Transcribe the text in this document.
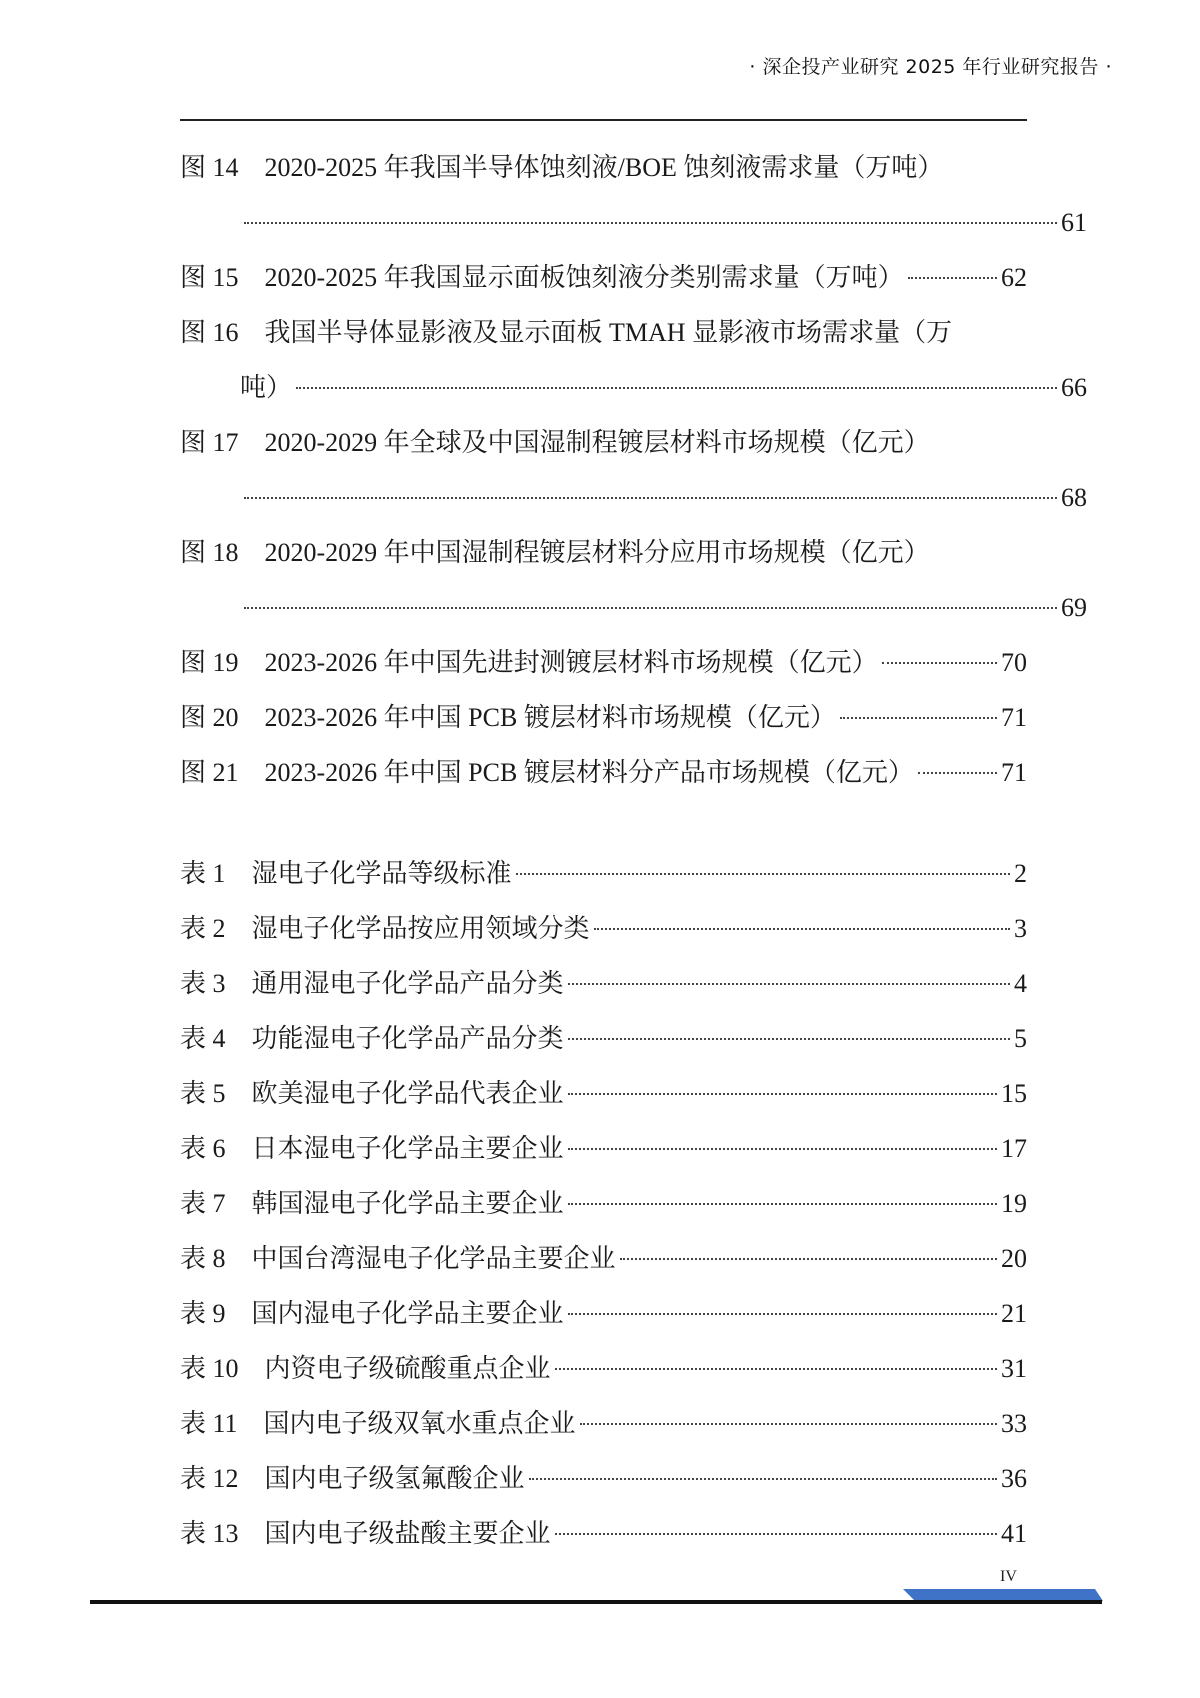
· 深企投产业研究 2025 年行业研究报告 ·
图 14 2020-2025 年我国半导体蚀刻液/BOE 蚀刻液需求量（万吨）
61
图 15 2020-2025 年我国显示面板蚀刻液分类别需求量（万吨）	62
图 16 我国半导体显影液及显示面板 TMAH 显影液市场需求量（万
吨）	66
图 17 2020-2029 年全球及中国湿制程镀层材料市场规模（亿元）
68
图 18 2020-2029 年中国湿制程镀层材料分应用市场规模（亿元）
69
图 19 2023-2026 年中国先进封测镀层材料市场规模（亿元）	70
图 20 2023-2026 年中国 PCB 镀层材料市场规模（亿元）	71
图 21 2023-2026 年中国 PCB 镀层材料分产品市场规模（亿元）	71
表 1 湿电子化学品等级标准	2
表 2 湿电子化学品按应用领域分类	3
表 3 通用湿电子化学品产品分类	4
表 4 功能湿电子化学品产品分类	5
表 5 欧美湿电子化学品代表企业	15
表 6 日本湿电子化学品主要企业	17
表 7 韩国湿电子化学品主要企业	19
表 8 中国台湾湿电子化学品主要企业	20
表 9 国内湿电子化学品主要企业	21
表 10 内资电子级硫酸重点企业	31
表 11 国内电子级双氧水重点企业	33
表 12 国内电子级氢氟酸企业	36
表 13 国内电子级盐酸主要企业	41
IV
